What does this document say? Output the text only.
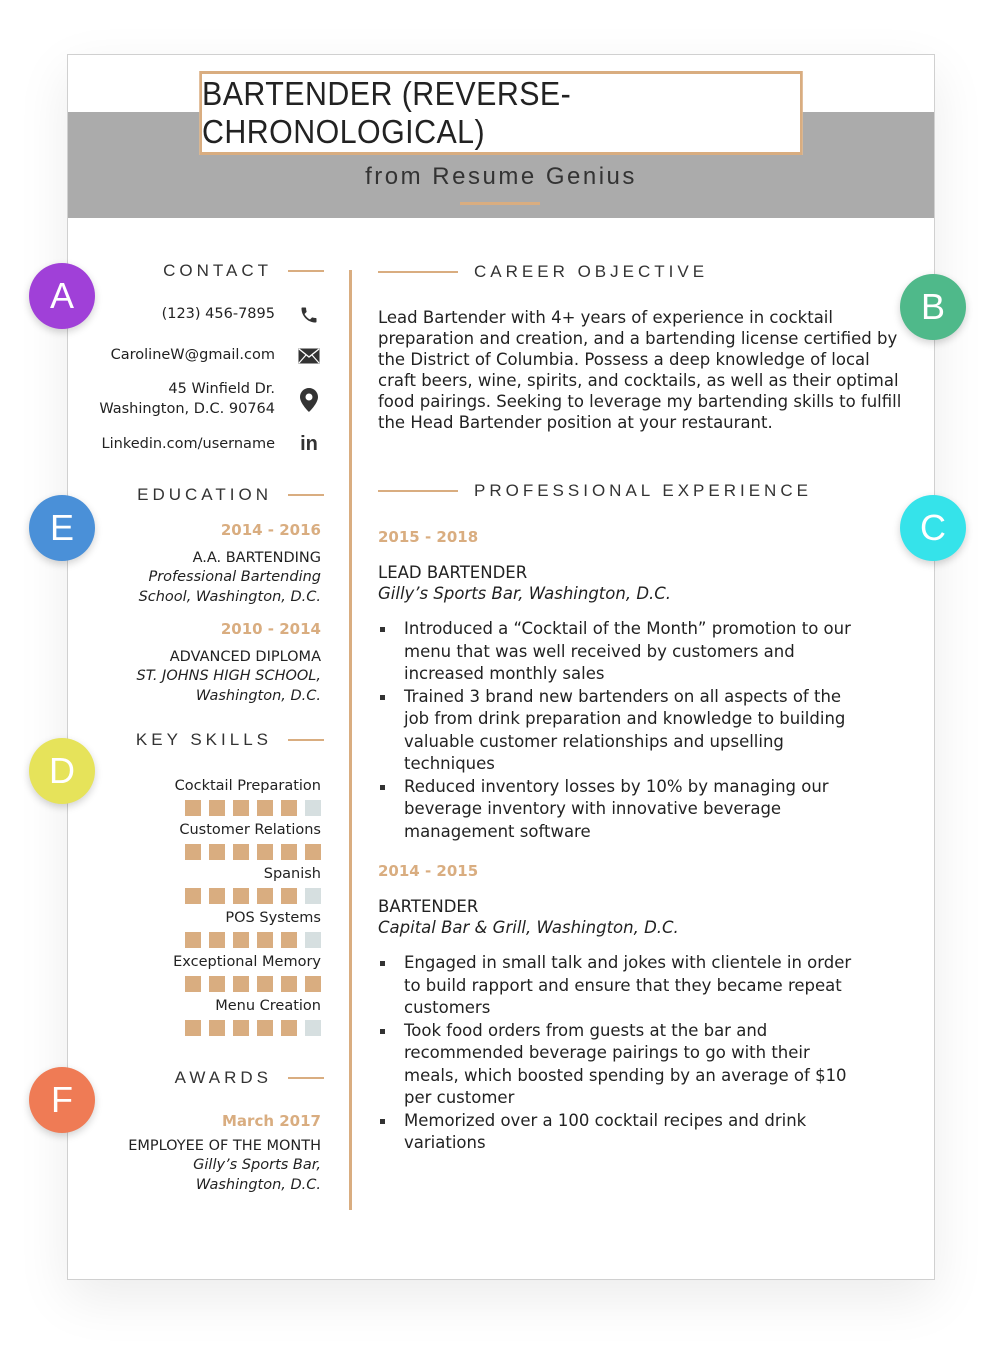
BARTENDER (REVERSE-CHRONOLOGICAL)
from Resume Genius
CONTACT
(123) 456-7895
CarolineW@gmail.com
45 Winfield Dr.
Washington, D.C. 90764
Linkedin.com/username in
EDUCATION
2014 - 2016
A.A. BARTENDING
Professional Bartending
School, Washington, D.C.
2010 - 2014
ADVANCED DIPLOMA
ST. JOHNS HIGH SCHOOL,
Washington, D.C.
KEY SKILLS
Cocktail Preparation
Customer Relations
Spanish
POS Systems
Exceptional Memory
Menu Creation
AWARDS
March 2017
EMPLOYEE OF THE MONTH
Gilly’s Sports Bar,
Washington, D.C.
CAREER OBJECTIVE
Lead Bartender with 4+ years of experience in cocktail preparation and creation, and a bartending license certified by the District of Columbia. Possess a deep knowledge of local craft beers, wine, spirits, and cocktails, as well as their optimal food pairings. Seeking to leverage my bartending skills to fulfill the Head Bartender position at your restaurant.
PROFESSIONAL EXPERIENCE
2015 - 2018
LEAD BARTENDER
Gilly’s Sports Bar, Washington, D.C.
Introduced a “Cocktail of the Month” promotion to our menu that was well received by customers and increased monthly sales
Trained 3 brand new bartenders on all aspects of the job from drink preparation and knowledge to building valuable customer relationships and upselling techniques
Reduced inventory losses by 10% by managing our beverage inventory with innovative beverage management software
2014 - 2015
BARTENDER
Capital Bar & Grill, Washington, D.C.
Engaged in small talk and jokes with clientele in order to build rapport and ensure that they became repeat customers
Took food orders from guests at the bar and recommended beverage pairings to go with their meals, which boosted spending by an average of $10 per customer
Memorized over a 100 cocktail recipes and drink variations
A	B
C
D
E
F
